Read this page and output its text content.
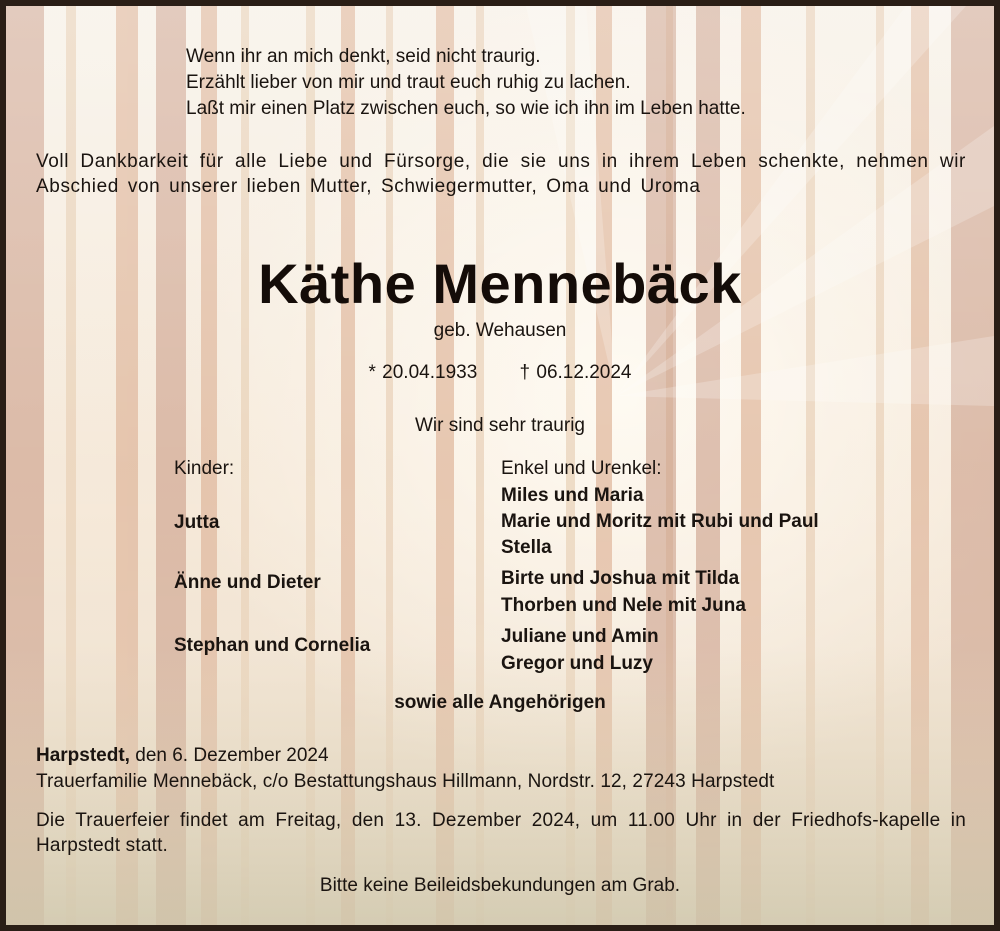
Wenn ihr an mich denkt, seid nicht traurig.
Erzählt lieber von mir und traut euch ruhig zu lachen.
Laßt mir einen Platz zwischen euch, so wie ich ihn im Leben hatte.
Voll Dankbarkeit für alle Liebe und Fürsorge, die sie uns in ihrem Leben schenkte, nehmen wir Abschied von unserer lieben Mutter, Schwiegermutter, Oma und Uroma
Käthe Mennebäck
geb. Wehausen
* 20.04.1933 † 06.12.2024
Wir sind sehr traurig
Kinder:	Enkel und Urenkel:
Jutta
Änne und Dieter
Stephan und Cornelia
Miles und Maria
Marie und Moritz mit Rubi und Paul
Stella
Birte und Joshua mit Tilda
Thorben und Nele mit Juna
Juliane und Amin
Gregor und Luzy
sowie alle Angehörigen
Harpstedt, den 6. Dezember 2024
Trauerfamilie Mennebäck, c/o Bestattungshaus Hillmann, Nordstr. 12, 27243 Harpstedt
Die Trauerfeier findet am Freitag, den 13. Dezember 2024, um 11.00 Uhr in der Friedhofs-kapelle in Harpstedt statt.
Bitte keine Beileidsbekundungen am Grab.
